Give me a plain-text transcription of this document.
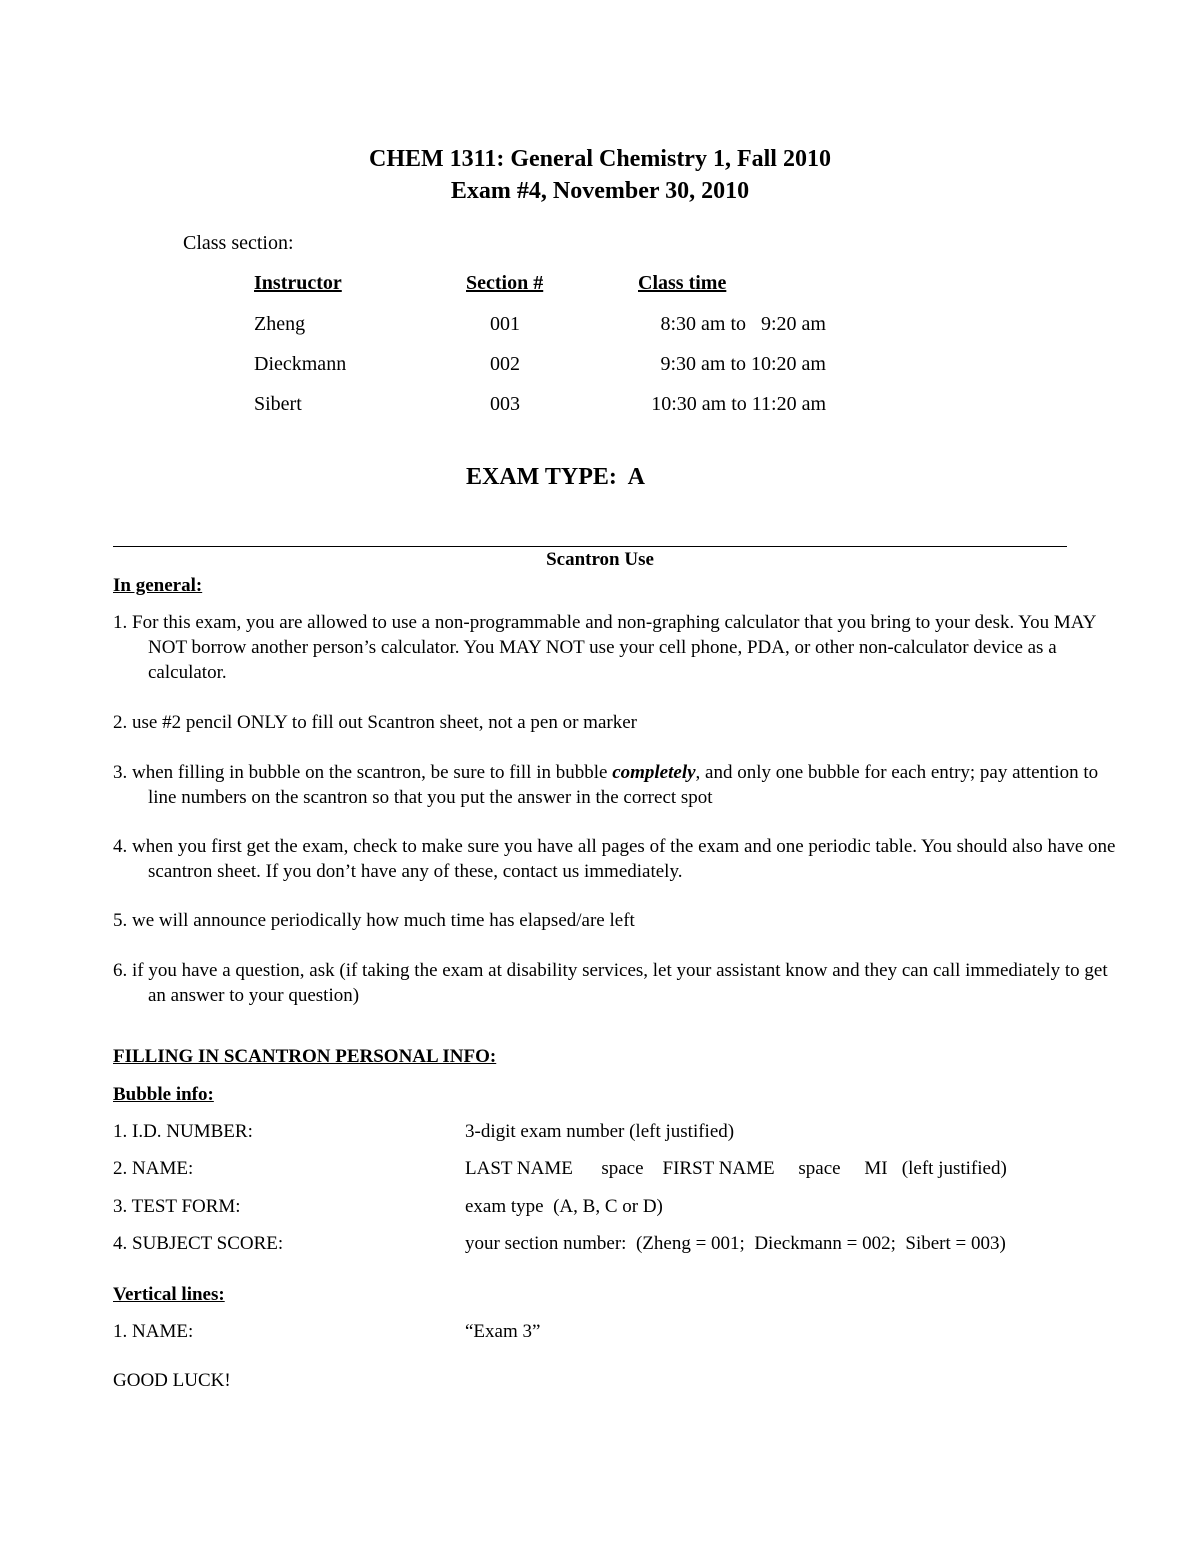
CHEM 1311: General Chemistry 1, Fall 2010
Exam #4, November 30, 2010
Class section:
Instructor	Section #	Class time
Zheng	001	8:30 am to   9:20 am
Dieckmann	002	9:30 am to 10:20 am
Sibert	003	10:30 am to 11:20 am
EXAM TYPE:  A
Scantron Use
In general:
1. For this exam, you are allowed to use a non-programmable and non-graphing calculator that you bring to your desk. You MAY NOT borrow another person’s calculator. You MAY NOT use your cell phone, PDA, or other non-calculator device as a calculator.
2. use #2 pencil ONLY to fill out Scantron sheet, not a pen or marker
3. when filling in bubble on the scantron, be sure to fill in bubble completely, and only one bubble for each entry; pay attention to line numbers on the scantron so that you put the answer in the correct spot
4. when you first get the exam, check to make sure you have all pages of the exam and one periodic table. You should also have one scantron sheet. If you don’t have any of these, contact us immediately.
5. we will announce periodically how much time has elapsed/are left
6. if you have a question, ask (if taking the exam at disability services, let your assistant know and they can call immediately to get an answer to your question)
FILLING IN SCANTRON PERSONAL INFO:
Bubble info:
1. I.D. NUMBER:	3-digit exam number (left justified)
2. NAME:	LAST NAME      space    FIRST NAME     space     MI   (left justified)
3. TEST FORM:	exam type  (A, B, C or D)
4. SUBJECT SCORE:	your section number:  (Zheng = 001;  Dieckmann = 002;  Sibert = 003)
Vertical lines:
1. NAME:	“Exam 3”
GOOD LUCK!
